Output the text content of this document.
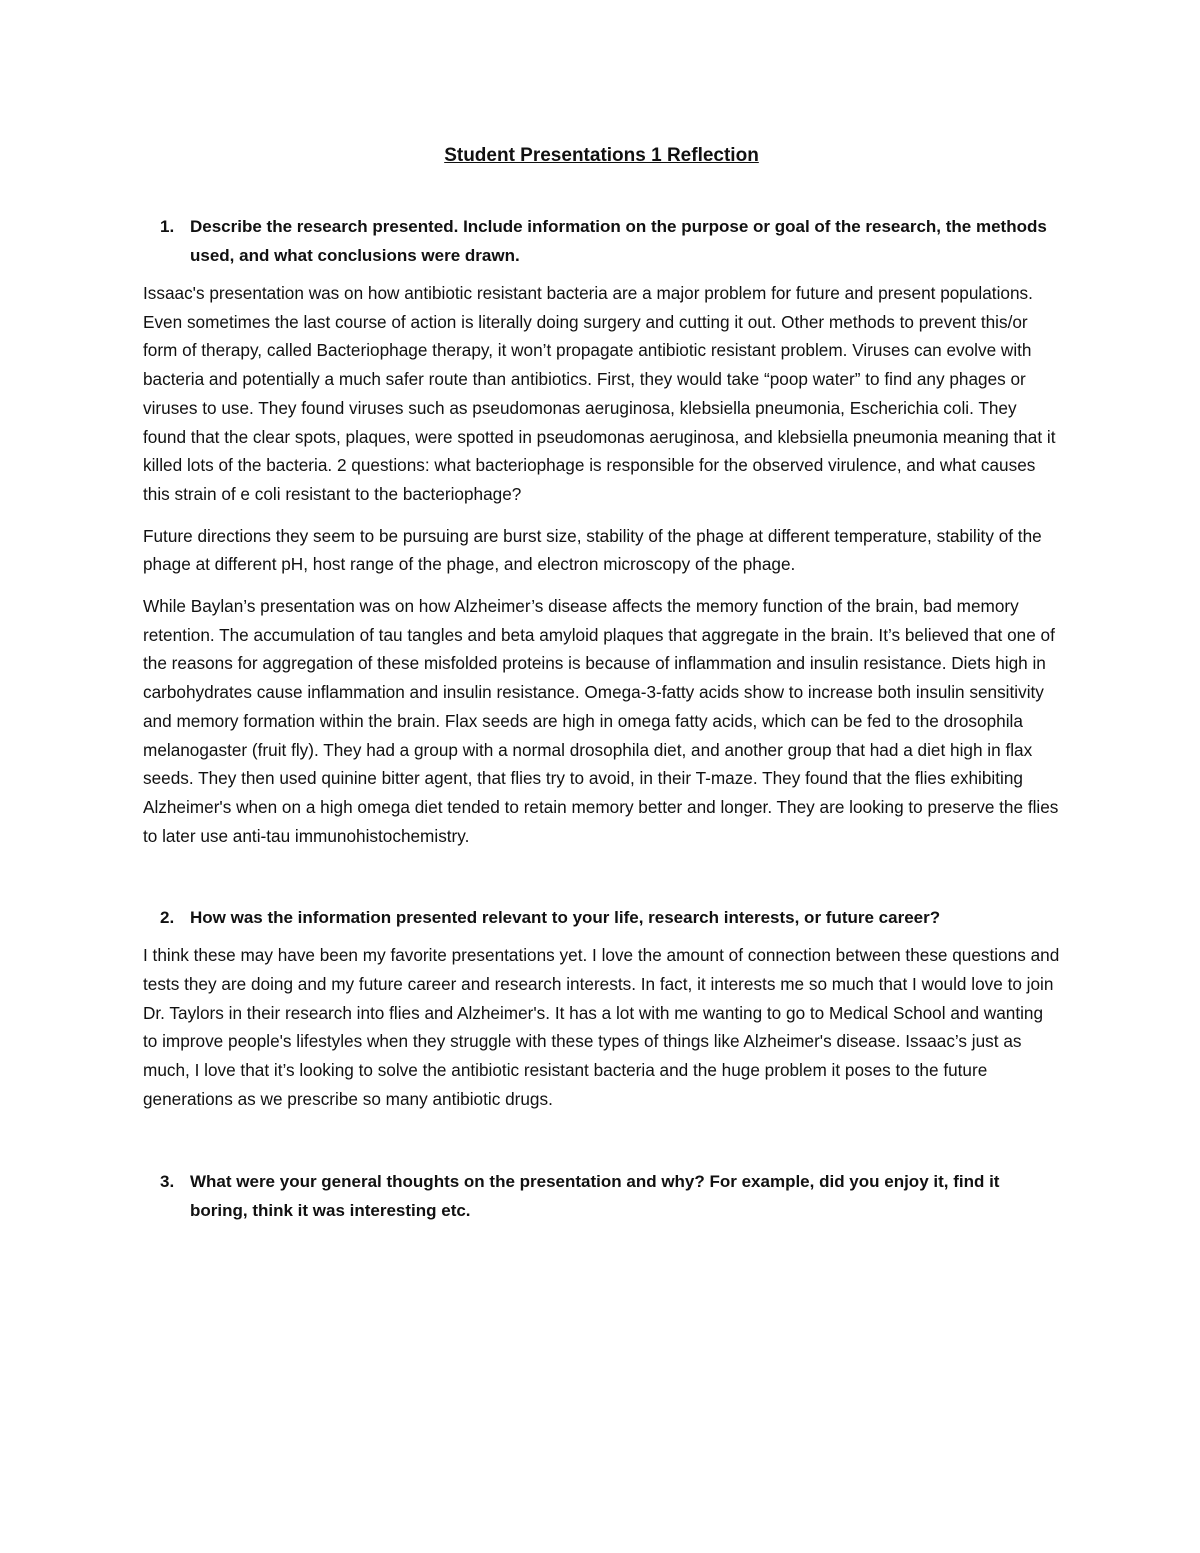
Student Presentations 1 Reflection
1. Describe the research presented. Include information on the purpose or goal of the research, the methods used, and what conclusions were drawn.

Issaac's presentation was on how antibiotic resistant bacteria are a major problem for future and present populations. Even sometimes the last course of action is literally doing surgery and cutting it out. Other methods to prevent this/or form of therapy, called Bacteriophage therapy, it won’t propagate antibiotic resistant problem. Viruses can evolve with bacteria and potentially a much safer route than antibiotics. First, they would take “poop water” to find any phages or viruses to use. They found viruses such as pseudomonas aeruginosa, klebsiella pneumonia, Escherichia coli. They found that the clear spots, plaques, were spotted in pseudomonas aeruginosa, and klebsiella pneumonia meaning that it killed lots of the bacteria. 2 questions: what bacteriophage is responsible for the observed virulence, and what causes this strain of e coli resistant to the bacteriophage?

Future directions they seem to be pursuing are burst size, stability of the phage at different temperature, stability of the phage at different pH, host range of the phage, and electron microscopy of the phage.

While Baylan’s presentation was on how Alzheimer’s disease affects the memory function of the brain, bad memory retention. The accumulation of tau tangles and beta amyloid plaques that aggregate in the brain. It’s believed that one of the reasons for aggregation of these misfolded proteins is because of inflammation and insulin resistance. Diets high in carbohydrates cause inflammation and insulin resistance. Omega-3-fatty acids show to increase both insulin sensitivity and memory formation within the brain. Flax seeds are high in omega fatty acids, which can be fed to the drosophila melanogaster (fruit fly). They had a group with a normal drosophila diet, and another group that had a diet high in flax seeds. They then used quinine bitter agent, that flies try to avoid, in their T-maze. They found that the flies exhibiting Alzheimer's when on a high omega diet tended to retain memory better and longer. They are looking to preserve the flies to later use anti-tau immunohistochemistry.

2. How was the information presented relevant to your life, research interests, or future career?

I think these may have been my favorite presentations yet. I love the amount of connection between these questions and tests they are doing and my future career and research interests. In fact, it interests me so much that I would love to join Dr. Taylors in their research into flies and Alzheimer's. It has a lot with me wanting to go to Medical School and wanting to improve people's lifestyles when they struggle with these types of things like Alzheimer's disease. Issaac’s just as much, I love that it’s looking to solve the antibiotic resistant bacteria and the huge problem it poses to the future generations as we prescribe so many antibiotic drugs.

3. What were your general thoughts on the presentation and why? For example, did you enjoy it, find it boring, think it was interesting etc.
